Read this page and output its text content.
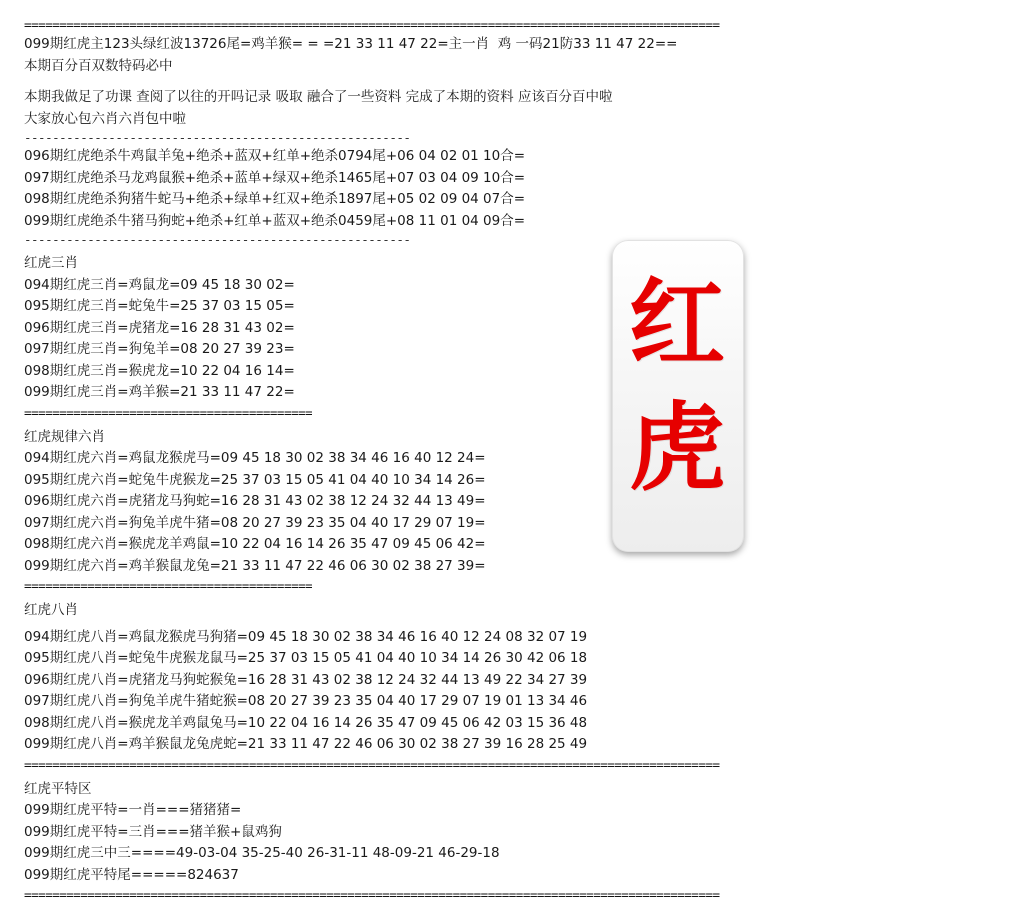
===================================================================================================
099期红虎主123头绿红波13726尾=鸡羊猴= = =21 33 11 47 22=主一肖  鸡 一码21防33 11 47 22==
本期百分百双数特码必中
本期我做足了功课 查阅了以往的开吗记录 吸取 融合了一些资料 完成了本期的资料 应该百分百中啦
大家放心包六肖六肖包中啦
-------------------------------------------------------
096期红虎绝杀牛鸡鼠羊兔+绝杀+蓝双+红单+绝杀0794尾+06 04 02 01 10合=
097期红虎绝杀马龙鸡鼠猴+绝杀+蓝单+绿双+绝杀1465尾+07 03 04 09 10合=
098期红虎绝杀狗猪牛蛇马+绝杀+绿单+红双+绝杀1897尾+05 02 09 04 07合=
099期红虎绝杀牛猪马狗蛇+绝杀+红单+蓝双+绝杀0459尾+08 11 01 04 09合=
-------------------------------------------------------
红虎三肖
094期红虎三肖=鸡鼠龙=09 45 18 30 02=
095期红虎三肖=蛇兔牛=25 37 03 15 05=
096期红虎三肖=虎猪龙=16 28 31 43 02=
097期红虎三肖=狗兔羊=08 20 27 39 23=
098期红虎三肖=猴虎龙=10 22 04 16 14=
099期红虎三肖=鸡羊猴=21 33 11 47 22=
=========================================
红虎规律六肖
094期红虎六肖=鸡鼠龙猴虎马=09 45 18 30 02 38 34 46 16 40 12 24=
095期红虎六肖=蛇兔牛虎猴龙=25 37 03 15 05 41 04 40 10 34 14 26=
096期红虎六肖=虎猪龙马狗蛇=16 28 31 43 02 38 12 24 32 44 13 49=
097期红虎六肖=狗兔羊虎牛猪=08 20 27 39 23 35 04 40 17 29 07 19=
098期红虎六肖=猴虎龙羊鸡鼠=10 22 04 16 14 26 35 47 09 45 06 42=
099期红虎六肖=鸡羊猴鼠龙兔=21 33 11 47 22 46 06 30 02 38 27 39=
=========================================
红虎八肖
094期红虎八肖=鸡鼠龙猴虎马狗猪=09 45 18 30 02 38 34 46 16 40 12 24 08 32 07 19
095期红虎八肖=蛇兔牛虎猴龙鼠马=25 37 03 15 05 41 04 40 10 34 14 26 30 42 06 18
096期红虎八肖=虎猪龙马狗蛇猴兔=16 28 31 43 02 38 12 24 32 44 13 49 22 34 27 39
097期红虎八肖=狗兔羊虎牛猪蛇猴=08 20 27 39 23 35 04 40 17 29 07 19 01 13 34 46
098期红虎八肖=猴虎龙羊鸡鼠兔马=10 22 04 16 14 26 35 47 09 45 06 42 03 15 36 48
099期红虎八肖=鸡羊猴鼠龙兔虎蛇=21 33 11 47 22 46 06 30 02 38 27 39 16 28 25 49
===================================================================================================
红虎平特区
099期红虎平特=一肖===猪猪猪=
099期红虎平特=三肖===猪羊猴+鼠鸡狗
099期红虎三中三====49-03-04 35-25-40 26-31-11 48-09-21 46-29-18
099期红虎平特尾=====824637
===================================================================================================
红
虎
